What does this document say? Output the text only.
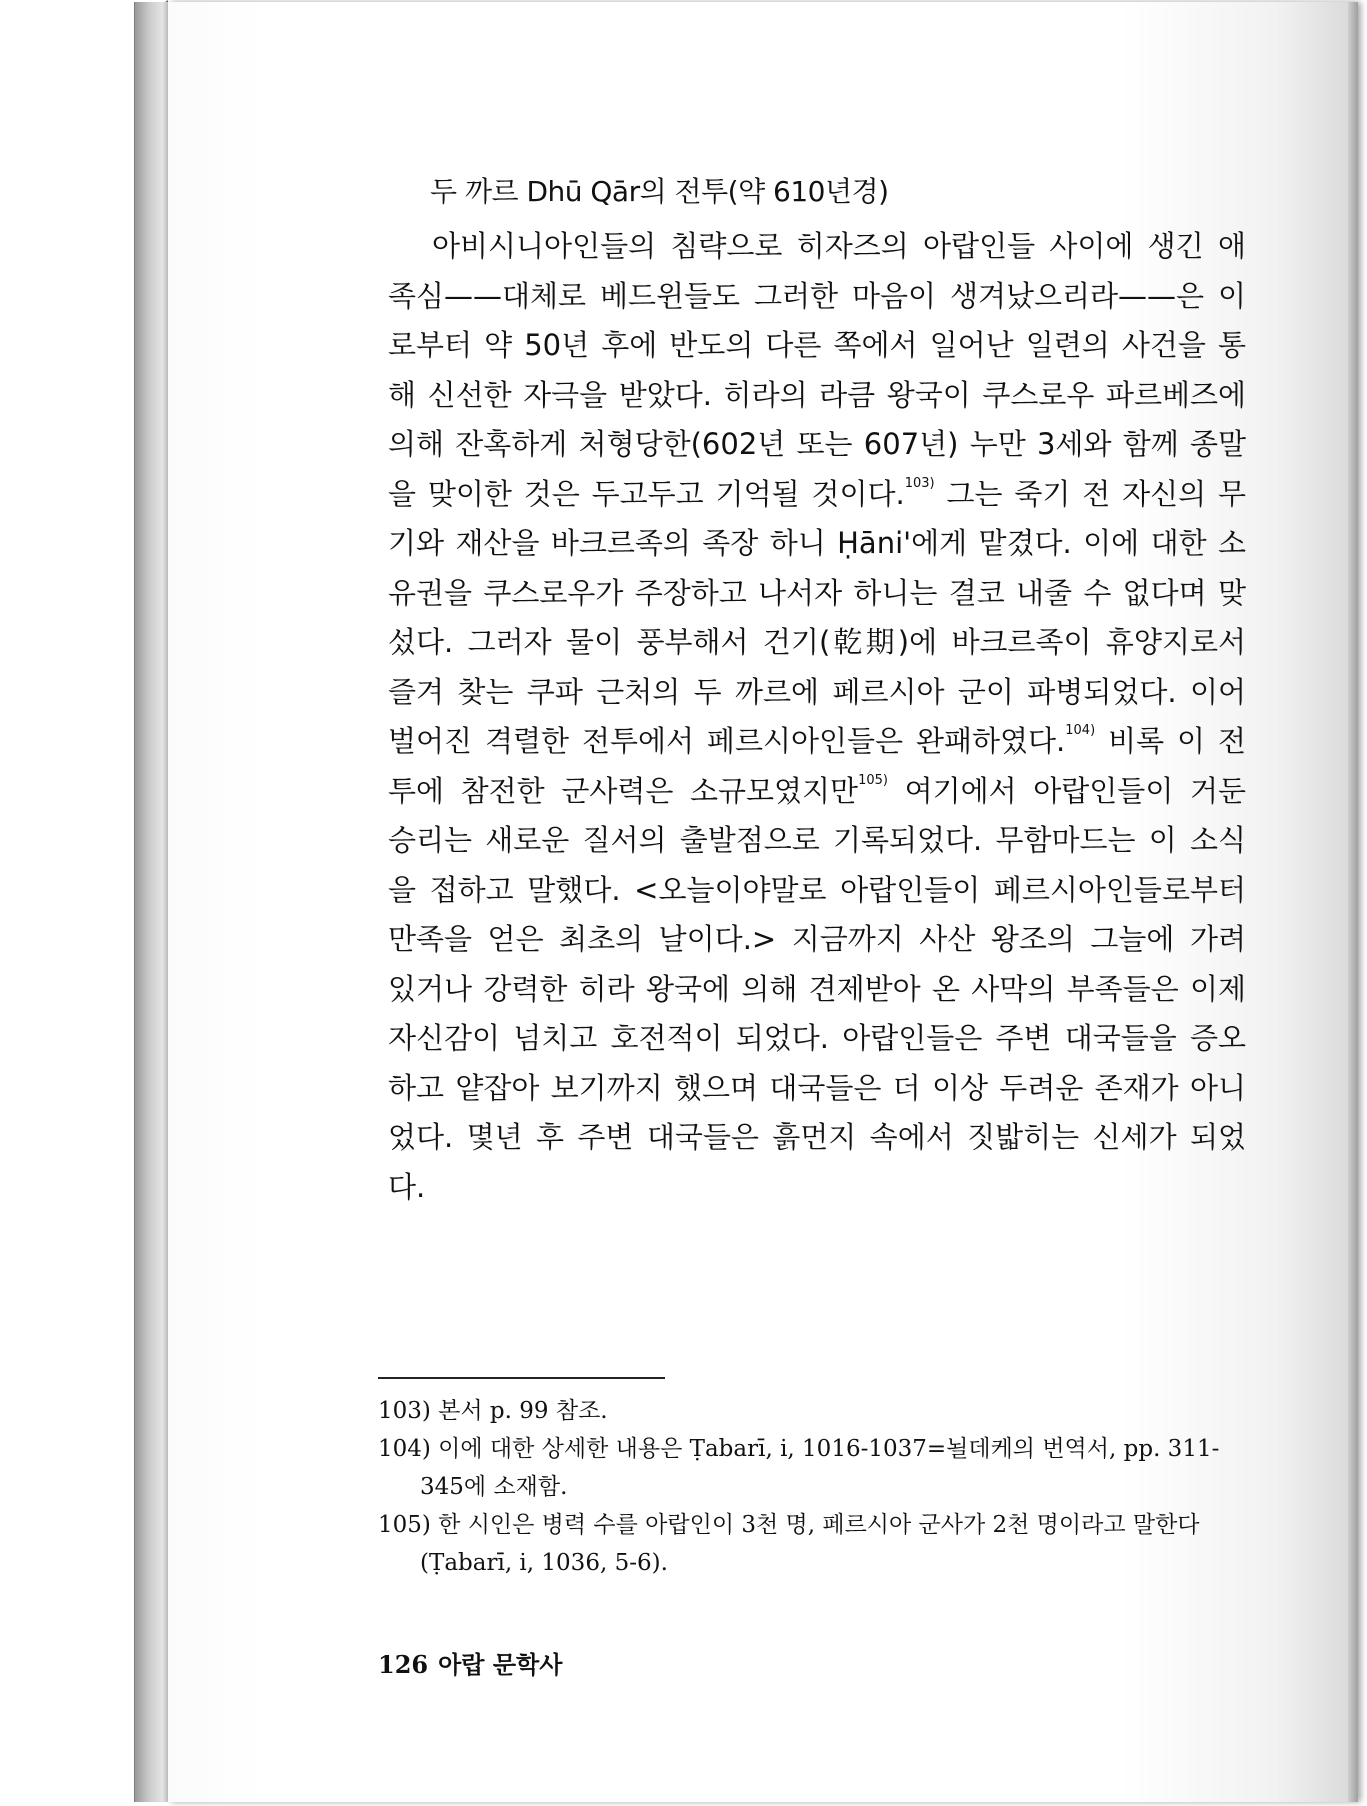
두 까르 Dhū Qār의 전투(약 610년경)
아비시니아인들의 침략으로 히자즈의 아랍인들 사이에 생긴 애족심——대체로 베드윈들도 그러한 마음이 생겨났으리라——은 이로부터 약 50년 후에 반도의 다른 쪽에서 일어난 일련의 사건을 통해 신선한 자극을 받았다. 히라의 라큼 왕국이 쿠스로우 파르베즈에 의해 잔혹하게 처형당한(602년 또는 607년) 누만 3세와 함께 종말을 맞이한 것은 두고두고 기억될 것이다.$^{103)}$ 그는 죽기 전 자신의 무기와 재산을 바크르족의 족장 하니 Ḥāni'에게 맡겼다. 이에 대한 소유권을 쿠스로우가 주장하고 나서자 하니는 결코 내줄 수 없다며 맞섰다. 그러자 물이 풍부해서 건기(乾期)에 바크르족이 휴양지로서 즐겨 찾는 쿠파 근처의 두 까르에 페르시아 군이 파병되었다. 이어 벌어진 격렬한 전투에서 페르시아인들은 완패하였다.$^{104)}$ 비록 이 전투에 참전한 군사력은 소규모였지만$^{105)}$ 여기에서 아랍인들이 거둔 승리는 새로운 질서의 출발점으로 기록되었다. 무함마드는 이 소식을 접하고 말했다. <오늘이야말로 아랍인들이 페르시아인들로부터 만족을 얻은 최초의 날이다.> 지금까지 사산 왕조의 그늘에 가려 있거나 강력한 히라 왕국에 의해 견제받아 온 사막의 부족들은 이제 자신감이 넘치고 호전적이 되었다. 아랍인들은 주변 대국들을 증오하고 얕잡아 보기까지 했으며 대국들은 더 이상 두려운 존재가 아니었다. 몇년 후 주변 대국들은 흙먼지 속에서 짓밟히는 신세가 되었다.
103) 본서 p. 99 참조.
104) 이에 대한 상세한 내용은 Ṭabarī, i, 1016-1037=뇔데케의 번역서, pp. 311-345에 소재함.
105) 한 시인은 병력 수를 아랍인이 3천 명, 페르시아 군사가 2천 명이라고 말한다(Ṭabarī, i, 1036, 5-6).
126 아랍 문학사
